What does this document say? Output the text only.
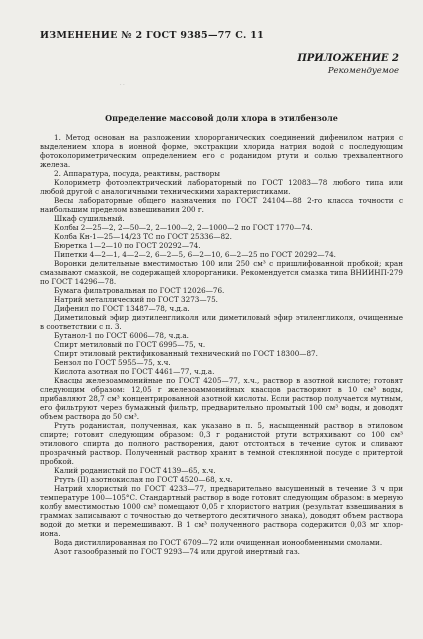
ИЗМЕНЕНИЕ № 2 ГОСТ 9385—77 С. 11
· ·
ПРИЛОЖЕНИЕ 2
Рекомендуемое
Определение массовой доли хлора в этилбензоле

1. Метод основан на разложении хлорорганических соединений дифенилом натрия с выделением хлора в ионной форме, экстракции хлорида натрия водой с последующим фотоколориметрическим определением его с роданидом ртути и солью трехвалентного железа.

2. Аппаратура, посуда, реактивы, растворы

Колориметр фотоэлектрический лабораторный по ГОСТ 12083—78 любого типа или любой другой с аналогичными техническими характеристиками.

Весы лабораторные общего назначения по ГОСТ 24104—88 2-го класса точности с наибольшим пределом взвешивания 200 г.

Шкаф сушильный.

Колбы 2—25—2, 2—50—2, 2—100—2, 2—1000—2 по ГОСТ 1770—74.

Колба Кн-1—25—14/23 ТС по ГОСТ 25336—82.

Бюретка 1—2—10 по ГОСТ 20292—74.

Пипетки 4—2—1, 4—2—2, 6—2—5, 6—2—10, 6—2—25 по ГОСТ 20292—74.

Воронки делительные вместимостью 100 или 250 см³ с пришлифованной пробкой; кран смазывают смазкой, не содержащей хлорорганики. Рекомендуется смазка типа ВНИИНП-279 по ГОСТ 14296—78.

Бумага фильтровальная по ГОСТ 12026—76.

Натрий металлический по ГОСТ 3273—75.

Дифенил по ГОСТ 13487—78, ч.д.а.

Диметиловый эфир диэтиленгликоля или диметиловый эфир этиленгликоля, очищенные в соответствии с п. 3.

Бутанол-1 по ГОСТ 6006—78, ч.д.а.

Спирт метиловый по ГОСТ 6995—75, ч.

Спирт этиловый ректификованный технический по ГОСТ 18300—87.

Бензол по ГОСТ 5955—75, х.ч.

Кислота азотная по ГОСТ 4461—77, ч.д.а.

Квасцы железоаммонийные по ГОСТ 4205—77, х.ч., раствор в азотной кислоте; готовят следующим образом: 12,05 г железоаммонийных квасцов растворяют в 10 см³ воды, прибавляют 28,7 см³ концентрированной азотной кислоты. Если раствор получается мутным, его фильтруют через бумажный фильтр, предварительно промытый 100 см³ воды, и доводят объем раствора до 50 см³.

Ртуть роданистая, полученная, как указано в п. 5, насыщенный раствор в этиловом спирте; готовят следующим образом: 0,3 г роданистой ртути встряхивают со 100 см³ этилового спирта до полного растворения, дают отстояться в течение суток и сливают прозрачный раствор. Полученный раствор хранят в темной стеклянной посуде с притертой пробкой.

Калий роданистый по ГОСТ 4139—65, х.ч.

Ртуть (II) азотнокислая по ГОСТ 4520—68, х.ч.

Натрий хлористый по ГОСТ 4233—77, предварительно высушенный в течение 3 ч при температуре 100—105°С. Стандартный раствор в воде готовят следующим образом: в мерную колбу вместимостью 1000 см³ помещают 0,05 г хлористого натрия (результат взвешивания в граммах записывают с точностью до четвертого десятичного знака), доводят объем раствора водой до метки и перемешивают. В 1 см³ полученного раствора содержится 0,03 мг хлор-иона.

Вода дистиллированная по ГОСТ 6709—72 или очищенная ионообменными смолами.

Азот газообразный по ГОСТ 9293—74 или другой инертный газ.
